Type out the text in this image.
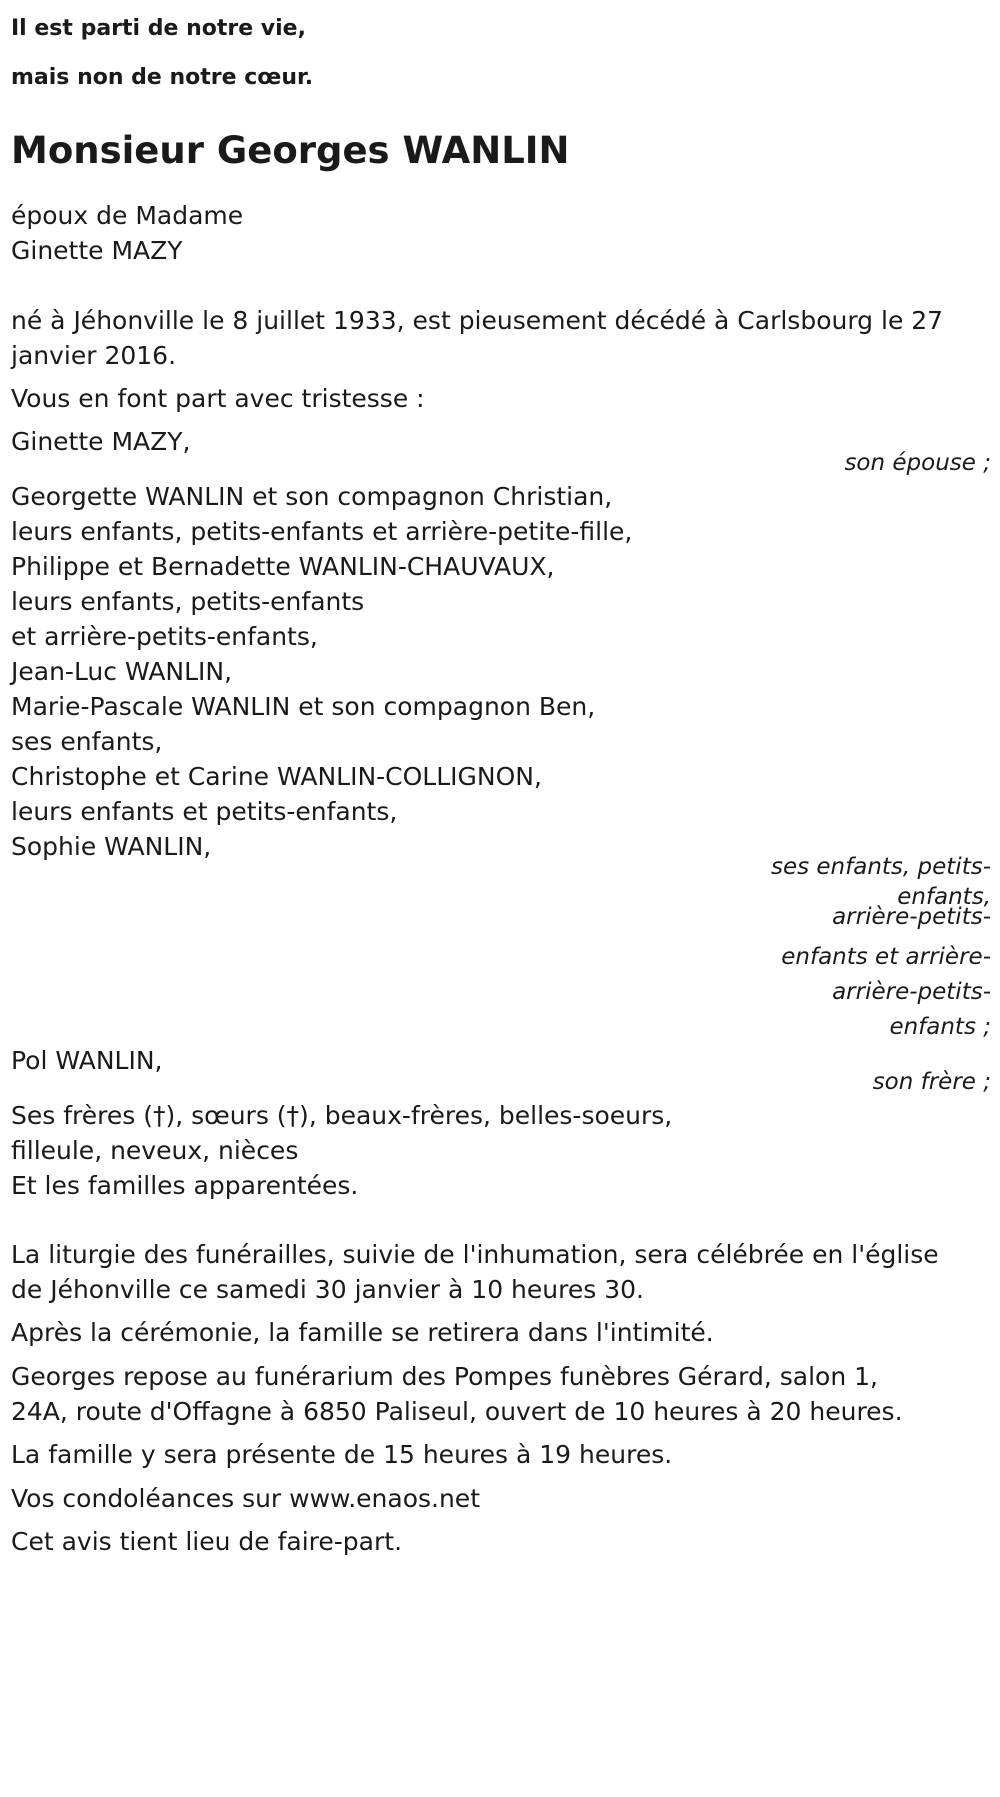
Il est parti de notre vie,
mais non de notre cœur.
Monsieur Georges WANLIN
époux de Madame
Ginette MAZY
né à Jéhonville le 8 juillet 1933, est pieusement décédé à Carlsbourg le 27
janvier 2016.
Vous en font part avec tristesse :
Ginette MAZY,
son épouse ;
Georgette WANLIN et son compagnon Christian,
leurs enfants, petits-enfants et arrière-petite-fille,
Philippe et Bernadette WANLIN-CHAUVAUX,
leurs enfants, petits-enfants
et arrière-petits-enfants,
Jean-Luc WANLIN,
Marie-Pascale WANLIN et son compagnon Ben,
ses enfants,
Christophe et Carine WANLIN-COLLIGNON,
leurs enfants et petits-enfants,
Sophie WANLIN,
ses enfants, petits-
enfants,
arrière-petits-
enfants et arrière-
arrière-petits-
enfants ;
Pol WANLIN,
son frère ;
Ses frères (†), sœurs (†), beaux-frères, belles-soeurs,
filleule, neveux, nièces
Et les familles apparentées.
La liturgie des funérailles, suivie de l'inhumation, sera célébrée en l'église
de Jéhonville ce samedi 30 janvier à 10 heures 30.
Après la cérémonie, la famille se retirera dans l'intimité.
Georges repose au funérarium des Pompes funèbres Gérard, salon 1,
24A, route d'Offagne à 6850 Paliseul, ouvert de 10 heures à 20 heures.
La famille y sera présente de 15 heures à 19 heures.
Vos condoléances sur www.enaos.net
Cet avis tient lieu de faire-part.
